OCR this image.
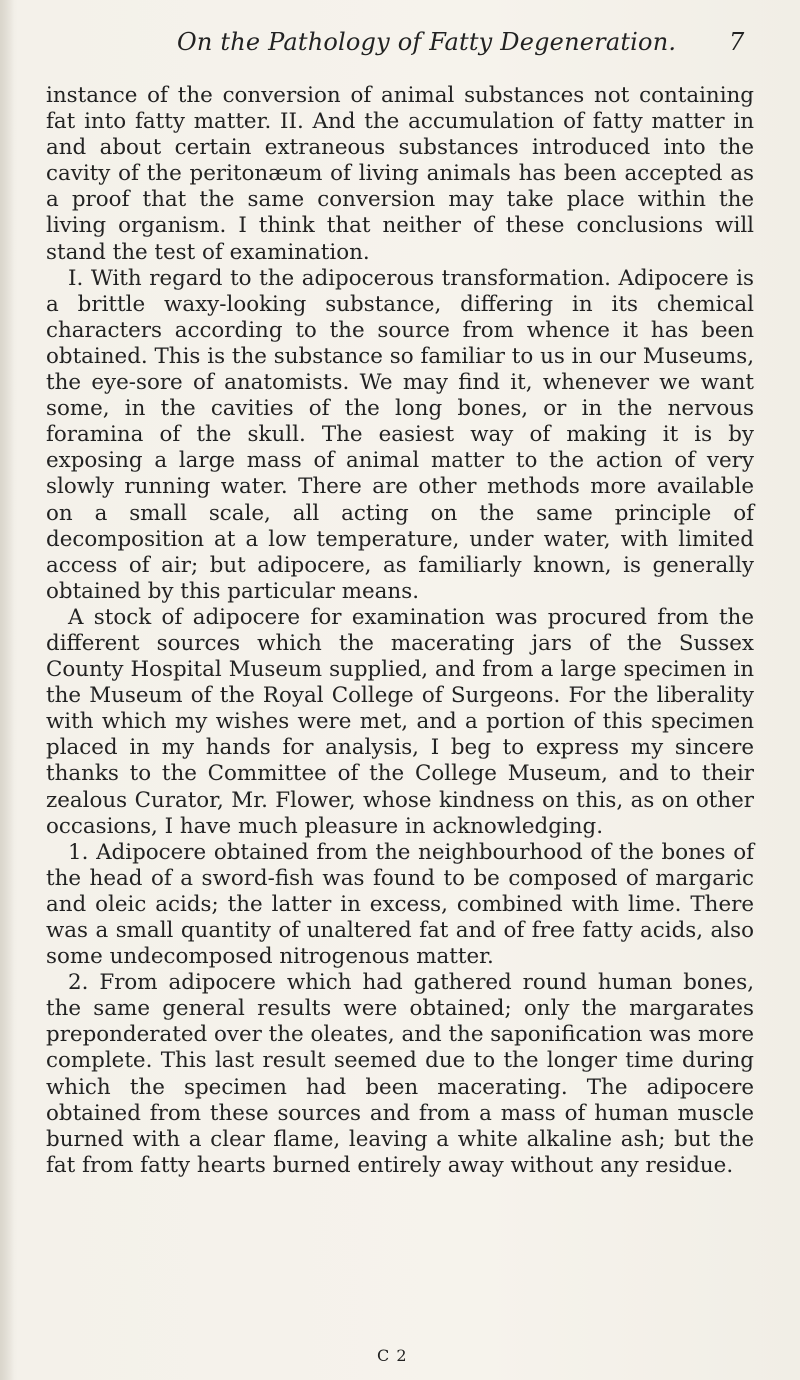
On the Pathology of Fatty Degeneration. 7

instance of the conversion of animal substances not containing fat into fatty matter. II. And the accumulation of fatty matter in and about certain extraneous substances introduced into the cavity of the peritonæum of living animals has been accepted as a proof that the same conversion may take place within the living organism. I think that neither of these conclusions will stand the test of examination.

I. With regard to the adipocerous transformation. Adipocere is a brittle waxy-looking substance, differing in its chemical characters according to the source from whence it has been obtained. This is the substance so familiar to us in our Museums, the eye-sore of anatomists. We may find it, whenever we want some, in the cavities of the long bones, or in the nervous foramina of the skull. The easiest way of making it is by exposing a large mass of animal matter to the action of very slowly running water. There are other methods more available on a small scale, all acting on the same principle of decomposition at a low temperature, under water, with limited access of air; but adipocere, as familiarly known, is generally obtained by this particular means.

A stock of adipocere for examination was procured from the different sources which the macerating jars of the Sussex County Hospital Museum supplied, and from a large specimen in the Museum of the Royal College of Surgeons. For the liberality with which my wishes were met, and a portion of this specimen placed in my hands for analysis, I beg to express my sincere thanks to the Committee of the College Museum, and to their zealous Curator, Mr. Flower, whose kindness on this, as on other occasions, I have much pleasure in acknowledging.

1. Adipocere obtained from the neighbourhood of the bones of the head of a sword-fish was found to be composed of margaric and oleic acids; the latter in excess, combined with lime. There was a small quantity of unaltered fat and of free fatty acids, also some undecomposed nitrogenous matter.

2. From adipocere which had gathered round human bones, the same general results were obtained; only the margarates preponderated over the oleates, and the saponification was more complete. This last result seemed due to the longer time during which the specimen had been macerating. The adipocere obtained from these sources and from a mass of human muscle burned with a clear flame, leaving a white alkaline ash; but the fat from fatty hearts burned entirely away without any residue.

C 2
